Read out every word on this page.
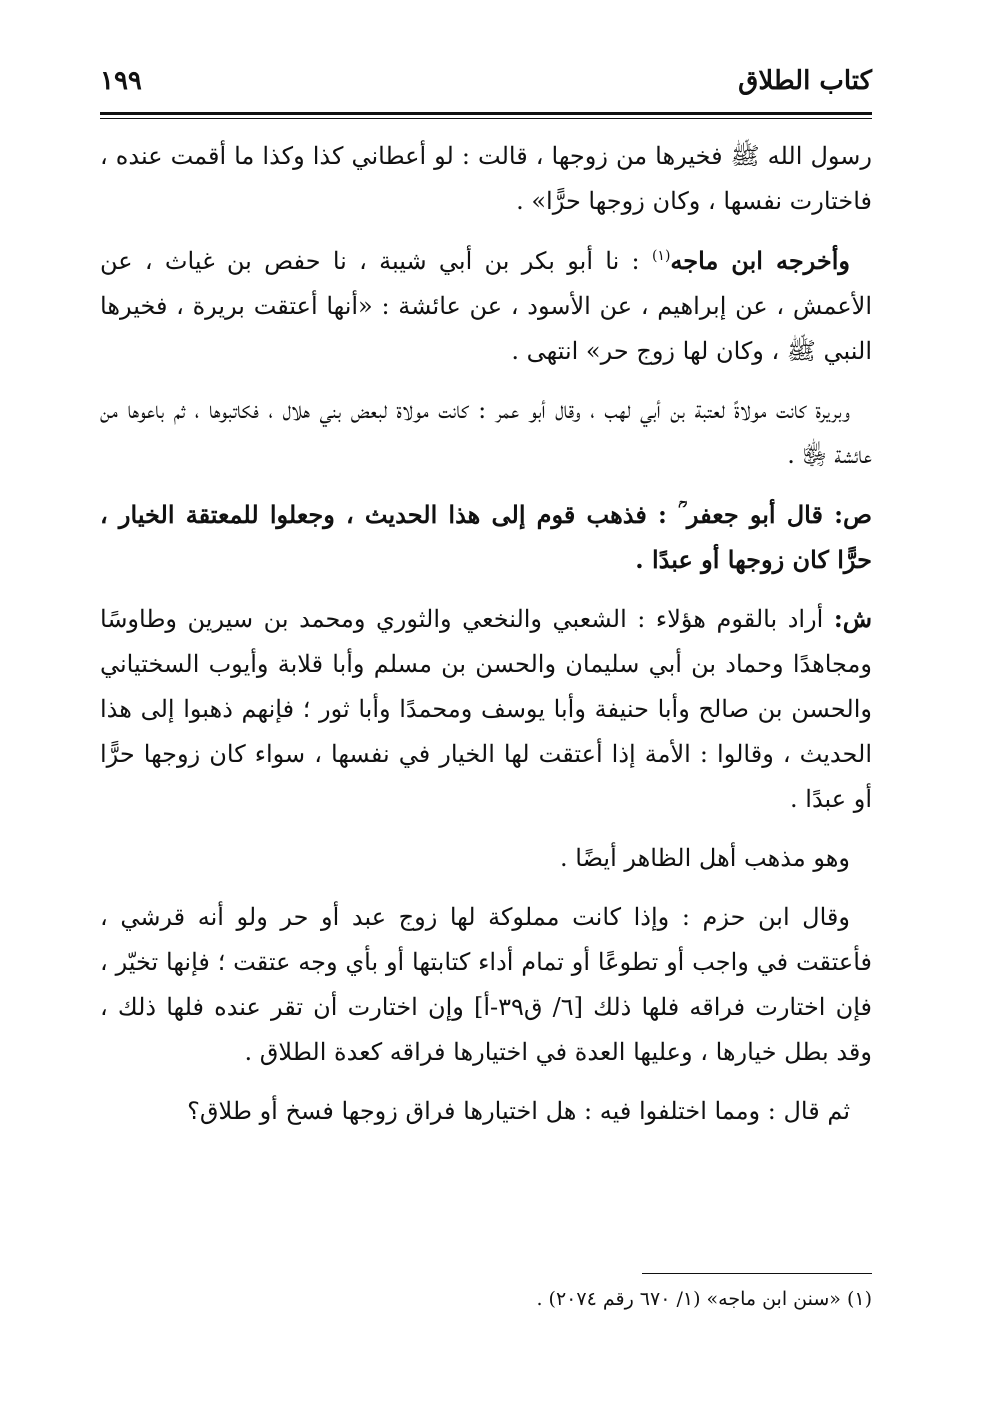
كتاب الطلاق
١٩٩

رسول الله ﷺ فخيرها من زوجها ، قالت : لو أعطاني كذا وكذا ما أقمت عنده ، فاختارت نفسها ، وكان زوجها حرًّا» .

وأخرجه ابن ماجه$^{(١)}$ : نا أبو بكر بن أبي شيبة ، نا حفص بن غياث ، عن الأعمش ، عن إبراهيم ، عن الأسود ، عن عائشة : «أنها أعتقت بريرة ، فخيرها النبي ﷺ ، وكان لها زوج حر» انتهى .

وبريرة كانت مولاةً لعتبة بن أبي لهب ، وقال أبو عمر : كانت مولاة لبعض بني هلال ، فكاتبوها ، ثم باعوها من عائشة ﵂ .

ص: قال أبو جعفر ؒ : فذهب قوم إلى هذا الحديث ، وجعلوا للمعتقة الخيار ، حرًّا كان زوجها أو عبدًا .

ش: أراد بالقوم هؤلاء : الشعبي والنخعي والثوري ومحمد بن سيرين وطاوسًا ومجاهدًا وحماد بن أبي سليمان والحسن بن مسلم وأبا قلابة وأيوب السختياني والحسن بن صالح وأبا حنيفة وأبا يوسف ومحمدًا وأبا ثور ؛ فإنهم ذهبوا إلى هذا الحديث ، وقالوا : الأمة إذا أعتقت لها الخيار في نفسها ، سواء كان زوجها حرًّا أو عبدًا .

وهو مذهب أهل الظاهر أيضًا .

وقال ابن حزم : وإذا كانت مملوكة لها زوج عبد أو حر ولو أنه قرشي ، فأعتقت في واجب أو تطوعًا أو تمام أداء كتابتها أو بأي وجه عتقت ؛ فإنها تخيّر ، فإن اختارت فراقه فلها ذلك [٦/ ق٣٩-أ] وإن اختارت أن تقر عنده فلها ذلك ، وقد بطل خيارها ، وعليها العدة في اختيارها فراقه كعدة الطلاق .

ثم قال : ومما اختلفوا فيه : هل اختيارها فراق زوجها فسخ أو طلاق؟

(١) «سنن ابن ماجه» (١/ ٦٧٠ رقم ٢٠٧٤) .
